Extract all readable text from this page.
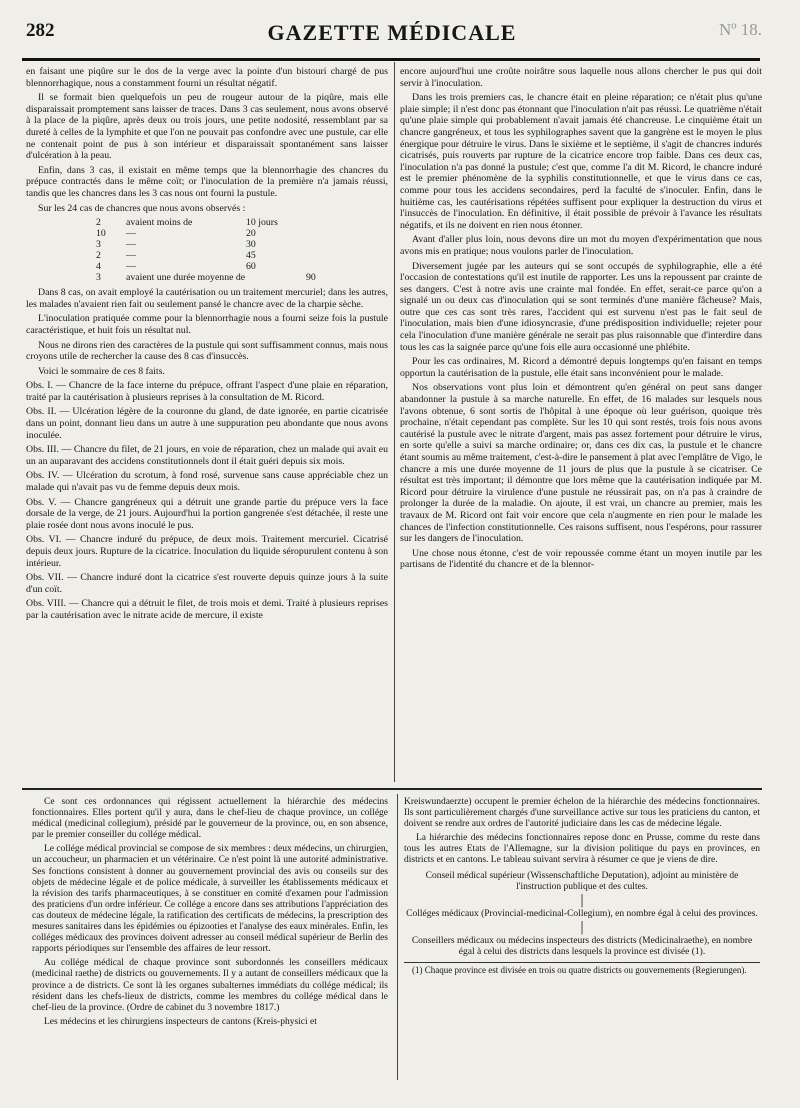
282	GAZETTE MÉDICALE	Nº 18.

en faisant une piqûre sur le dos de la verge avec la pointe d'un bistouri chargé de pus blennorrhagique, nous a constamment fourni un résultat négatif.

Il se formait bien quelquefois un peu de rougeur autour de la piqûre, mais elle disparaissait promptement sans laisser de traces. Dans 3 cas seulement, nous avons observé à la place de la piqûre, après deux ou trois jours, une petite nodosité, ressemblant par sa dureté à celles de la lymphite et que l'on ne pouvait pas confondre avec une pustule, car elle ne contenait point de pus à son intérieur et disparaissait spontanément sans laisser d'ulcération à la peau.

Enfin, dans 3 cas, il existait en même temps que la blennorrhagie des chancres du prépuce contractés dans le même coït; or l'inoculation de la première n'a jamais réussi, tandis que les chancres dans les 3 cas nous ont fourni la pustule.

Sur les 24 cas de chancres que nous avons observés :

2	avaient moins de	10 jours
10	—	20
3	—	30
2	—	45
4	—	60
3	avaient une durée moyenne de	90

Dans 8 cas, on avait employé la cautérisation ou un traitement mercuriel; dans les autres, les malades n'avaient rien fait ou seulement pansé le chancre avec de la charpie sèche.

L'inoculation pratiquée comme pour la blennorrhagie nous a fourni seize fois la pustule caractéristique, et huit fois un résultat nul.

Nous ne dirons rien des caractères de la pustule qui sont suffisamment connus, mais nous croyons utile de rechercher la cause des 8 cas d'insuccès.

Voici le sommaire de ces 8 faits.

Obs. I. — Chancre de la face interne du prépuce, offrant l'aspect d'une plaie en réparation, traité par la cautérisation à plusieurs reprises à la consultation de M. Ricord.

Obs. II. — Ulcération légère de la couronne du gland, de date ignorée, en partie cicatrisée dans un point, donnant lieu dans un autre à une suppuration peu abondante que nous avons inoculée.

Obs. III. — Chancre du filet, de 21 jours, en voie de réparation, chez un malade qui avait eu un an auparavant des accidens constitutionnels dont il était guéri depuis six mois.

Obs. IV. — Ulcération du scrotum, à fond rosé, survenue sans cause appréciable chez un malade qui n'avait pas vu de femme depuis deux mois.

Obs. V. — Chancre gangréneux qui a détruit une grande partie du prépuce vers la face dorsale de la verge, de 21 jours. Aujourd'hui la portion gangrenée s'est détachée, il reste une plaie rosée dont nous avons inoculé le pus.

Obs. VI. — Chancre induré du prépuce, de deux mois. Traitement mercuriel. Cicatrisé depuis deux jours. Rupture de la cicatrice. Inoculation du liquide séropurulent contenu à son intérieur.

Obs. VII. — Chancre induré dont la cicatrice s'est rouverte depuis quinze jours à la suite d'un coït.

Obs. VIII. — Chancre qui a détruit le filet, de trois mois et demi. Traité à plusieurs reprises par la cautérisation avec le nitrate acide de mercure, il existe

encore aujourd'hui une croûte noirâtre sous laquelle nous allons chercher le pus qui doit servir à l'inoculation.

Dans les trois premiers cas, le chancre était en pleine réparation; ce n'était plus qu'une plaie simple; il n'est donc pas étonnant que l'inoculation n'ait pas réussi. Le quatrième n'était qu'une plaie simple qui probablement n'avait jamais été chancreuse. Le cinquième était un chancre gangréneux, et tous les syphilographes savent que la gangrène est le moyen le plus énergique pour détruire le virus. Dans le sixième et le septième, il s'agit de chancres indurés cicatrisés, puis rouverts par rupture de la cicatrice encore trop faible. Dans ces deux cas, l'inoculation n'a pas donné la pustule; c'est que, comme l'a dit M. Ricord, le chancre induré est le premier phénomène de la syphilis constitutionnelle, et que le virus dans ce cas, comme pour tous les accidens secondaires, perd la faculté de s'inoculer. Enfin, dans le huitième cas, les cautérisations répétées suffisent pour expliquer la destruction du virus et l'insuccès de l'inoculation. En définitive, il était possible de prévoir à l'avance les résultats négatifs, et ils ne doivent en rien nous étonner.

Avant d'aller plus loin, nous devons dire un mot du moyen d'expérimentation que nous avons mis en pratique; nous voulons parler de l'inoculation.

Diversement jugée par les auteurs qui se sont occupés de syphilographie, elle a été l'occasion de contestations qu'il est inutile de rapporter. Les uns la repoussent par crainte de ses dangers. C'est à notre avis une crainte mal fondée. En effet, serait-ce parce qu'on a signalé un ou deux cas d'inoculation qui se sont terminés d'une manière fâcheuse? Mais, outre que ces cas sont très rares, l'accident qui est survenu n'est pas le fait seul de l'inoculation, mais bien d'une idiosyncrasie, d'une prédisposition individuelle; rejeter pour cela l'inoculation d'une manière générale ne serait pas plus raisonnable que d'interdire dans tous les cas la saignée parce qu'une fois elle aura occasionné une phlébite.

Pour les cas ordinaires, M. Ricord a démontré depuis longtemps qu'en faisant en temps opportun la cautérisation de la pustule, elle était sans inconvénient pour le malade.

Nos observations vont plus loin et démontrent qu'en général on peut sans danger abandonner la pustule à sa marche naturelle. En effet, de 16 malades sur lesquels nous l'avons obtenue, 6 sont sortis de l'hôpital à une époque où leur guérison, quoique très prochaine, n'était cependant pas complète. Sur les 10 qui sont restés, trois fois nous avons cautérisé la pustule avec le nitrate d'argent, mais pas assez fortement pour détruire le virus, en sorte qu'elle a suivi sa marche ordinaire; or, dans ces dix cas, la pustule et le chancre étant soumis au même traitement, c'est-à-dire le pansement à plat avec l'emplâtre de Vigo, le chancre a mis une durée moyenne de 11 jours de plus que la pustule à se cicatriser. Ce résultat est très important; il démontre que lors même que la cautérisation indiquée par M. Ricord pour détruire la virulence d'une pustule ne réussirait pas, on n'a pas à craindre de prolonger la durée de la maladie. On ajoute, il est vrai, un chancre au premier, mais les travaux de M. Ricord ont fait voir encore que cela n'augmente en rien pour le malade les chances de l'infection constitutionnelle. Ces raisons suffisent, nous l'espérons, pour rassurer sur les dangers de l'inoculation.

Une chose nous étonne, c'est de voir repoussée comme étant un moyen inutile par les partisans de l'identité du chancre et de la blennor-

Ce sont ces ordonnances qui régissent actuellement la hiérarchie des médecins fonctionnaires. Elles portent qu'il y aura, dans le chef-lieu de chaque province, un collége médical (medicinal collegium), présidé par le gouverneur de la province, ou, en son absence, par le premier conseiller du collége médical.

Le collége médical provincial se compose de six membres : deux médecins, un chirurgien, un accoucheur, un pharmacien et un vétérinaire. Ce n'est point là une autorité administrative. Ses fonctions consistent à donner au gouvernement provincial des avis ou conseils sur des objets de médecine légale et de police médicale, à surveiller les établissements médicaux et la révision des tarifs pharmaceutiques, à se constituer en comité d'examen pour l'admission des praticiens d'un ordre inférieur. Ce collége a encore dans ses attributions l'appréciation des cas douteux de médecine légale, la ratification des certificats de médecins, la prescription des mesures sanitaires dans les épidémies ou épizooties et l'analyse des eaux minérales. Enfin, les colléges médicaux des provinces doivent adresser au conseil médical supérieur de Berlin des rapports périodiques sur l'ensemble des affaires de leur ressort.

Au collége médical de chaque province sont subordonnés les conseillers médicaux (medicinal raethe) de districts ou gouvernements. Il y a autant de conseillers médicaux que la province a de districts. Ce sont là les organes subalternes immédiats du collége médical; ils résident dans les chefs-lieux de districts, comme les membres du collége médical dans le chef-lieu de la province. (Ordre de cabinet du 3 novembre 1817.)

Les médecins et les chirurgiens inspecteurs de cantons (Kreis-physici et

Kreiswundaerzte) occupent le premier échelon de la hiérarchie des médecins fonctionnaires. Ils sont particulièrement chargés d'une surveillance active sur tous les praticiens du canton, et doivent se rendre aux ordres de l'autorité judiciaire dans les cas de médecine légale.

La hiérarchie des médecins fonctionnaires repose donc en Prusse, comme du reste dans tous les autres Etats de l'Allemagne, sur la division politique du pays en provinces, en districts et en cantons. Le tableau suivant servira à résumer ce que je viens de dire.

Conseil médical supérieur (Wissenschaftliche Deputation), adjoint au ministère de l'instruction publique et des cultes.
│
Colléges médicaux (Provincial-medicinal-Collegium), en nombre égal à celui des provinces.
│
Conseillers médicaux ou médecins inspecteurs des districts (Medicinalraethe), en nombre égal à celui des districts dans lesquels la province est divisée (1).
(1) Chaque province est divisée en trois ou quatre districts ou gouvernements (Regierungen).
